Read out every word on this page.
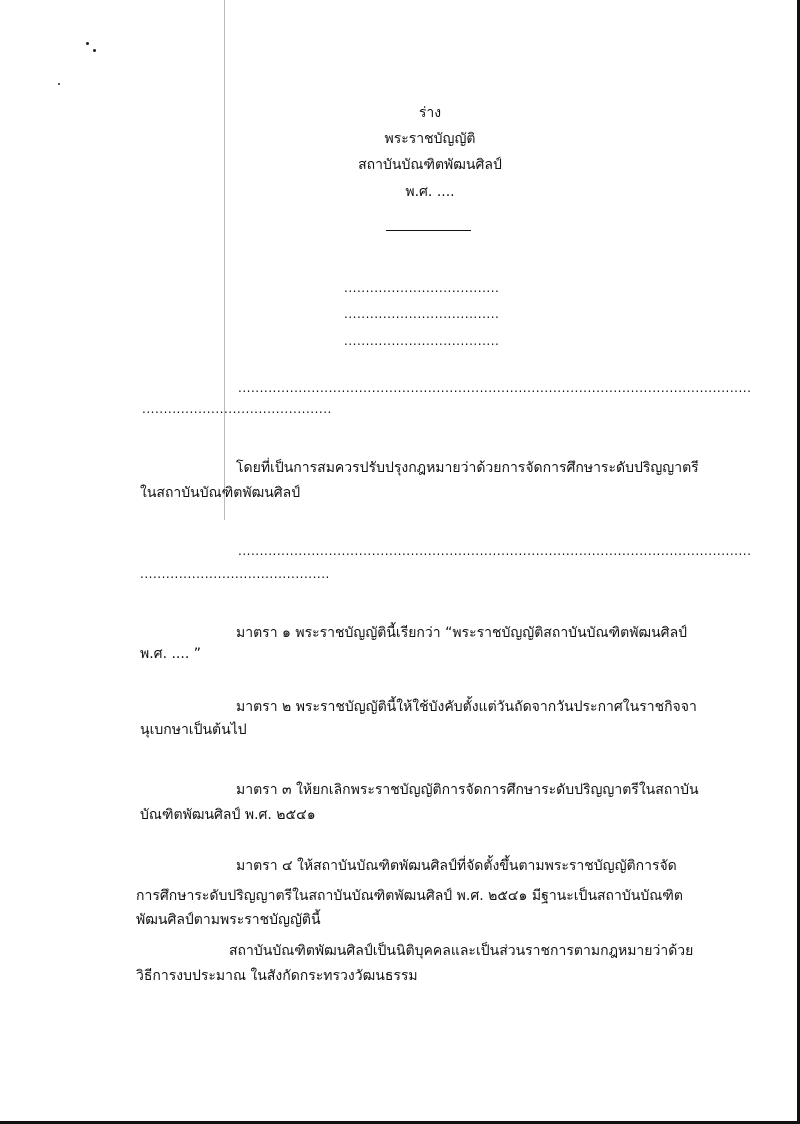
ร่าง
พระราชบัญญัติ
สถาบันบัณฑิตพัฒนศิลป์
พ.ศ. ....
....................................
....................................
....................................
.......................................................................................................................
............................................
โดยที่เป็นการสมควรปรับปรุงกฎหมายว่าด้วยการจัดการศึกษาระดับปริญญาตรี
ในสถาบันบัณฑิตพัฒนศิลป์
.......................................................................................................................
............................................
มาตรา ๑ พระราชบัญญัตินี้เรียกว่า “พระราชบัญญัติสถาบันบัณฑิตพัฒนศิลป์
พ.ศ. .... ”
มาตรา ๒ พระราชบัญญัตินี้ให้ใช้บังคับตั้งแต่วันถัดจากวันประกาศในราชกิจจา
นุเบกษาเป็นต้นไป
มาตรา ๓ ให้ยกเลิกพระราชบัญญัติการจัดการศึกษาระดับปริญญาตรีในสถาบัน
บัณฑิตพัฒนศิลป์ พ.ศ. ๒๕๔๑
มาตรา ๔ ให้สถาบันบัณฑิตพัฒนศิลป์ที่จัดตั้งขึ้นตามพระราชบัญญัติการจัด
การศึกษาระดับปริญญาตรีในสถาบันบัณฑิตพัฒนศิลป์ พ.ศ. ๒๕๔๑ มีฐานะเป็นสถาบันบัณฑิต
พัฒนศิลป์ตามพระราชบัญญัตินี้
สถาบันบัณฑิตพัฒนศิลป์เป็นนิติบุคคลและเป็นส่วนราชการตามกฎหมายว่าด้วย
วิธีการงบประมาณ ในสังกัดกระทรวงวัฒนธรรม
